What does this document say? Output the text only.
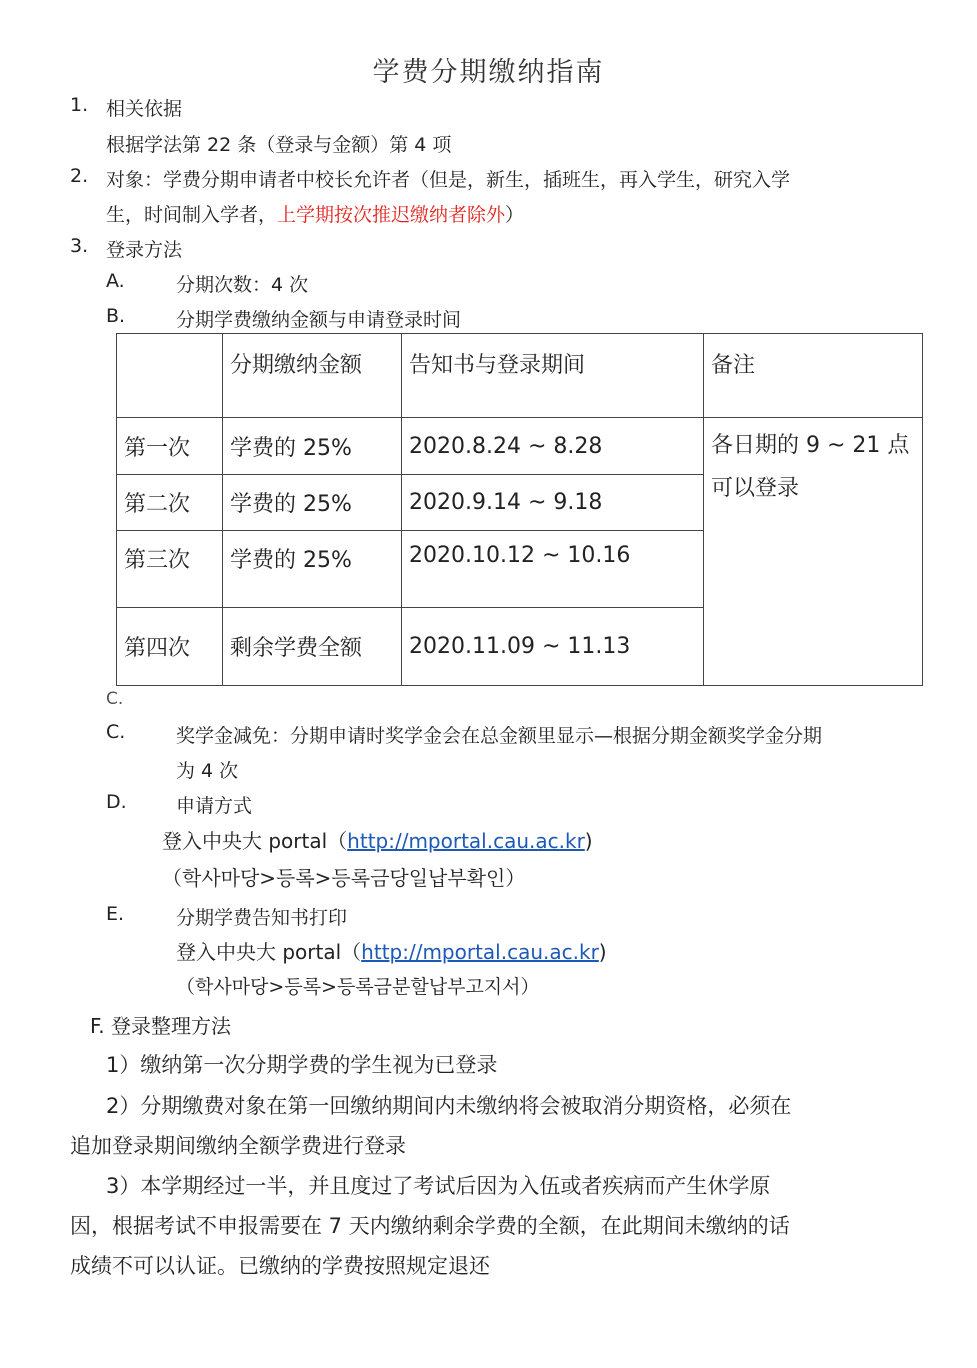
学费分期缴纳指南
1. 相关依据
根据学法第 22 条（登录与金额）第 4 项
2. 对象：学费分期申请者中校长允许者（但是，新生，插班生，再入学生，研究入学
生，时间制入学者，上学期按次推迟缴纳者除外）
3. 登录方法
A.	分期次数：4 次
B.	分期学费缴纳金额与申请登录时间
	分期缴纳金额	告知书与登录期间	备注
第一次	学费的 25%	2020.8.24 ~ 8.28	各日期的 9 ~ 21 点可以登录
第二次	学费的 25%	2020.9.14 ~ 9.18	
第三次	学费的 25%	2020.10.12 ~ 10.16	
第四次	剩余学费全额	2020.11.09 ~ 11.13	
C.
C.	奖学金减免：分期申请时奖学金会在总金额里显示—根据分期金额奖学金分期
为 4 次
D.	申请方式
登入中央大 portal（http://mportal.cau.ac.kr)
（학사마당>등록>등록금당일납부확인）
E.	分期学费告知书打印
登入中央大 portal（http://mportal.cau.ac.kr)
（학사마당>등록>등록금분할납부고지서）
F. 登录整理方法
1）缴纳第一次分期学费的学生视为已登录
2）分期缴费对象在第一回缴纳期间内未缴纳将会被取消分期资格，必须在
追加登录期间缴纳全额学费进行登录
3）本学期经过一半，并且度过了考试后因为入伍或者疾病而产生休学原
因，根据考试不申报需要在 7 天内缴纳剩余学费的全额，在此期间未缴纳的话
成绩不可以认证。已缴纳的学费按照规定退还
